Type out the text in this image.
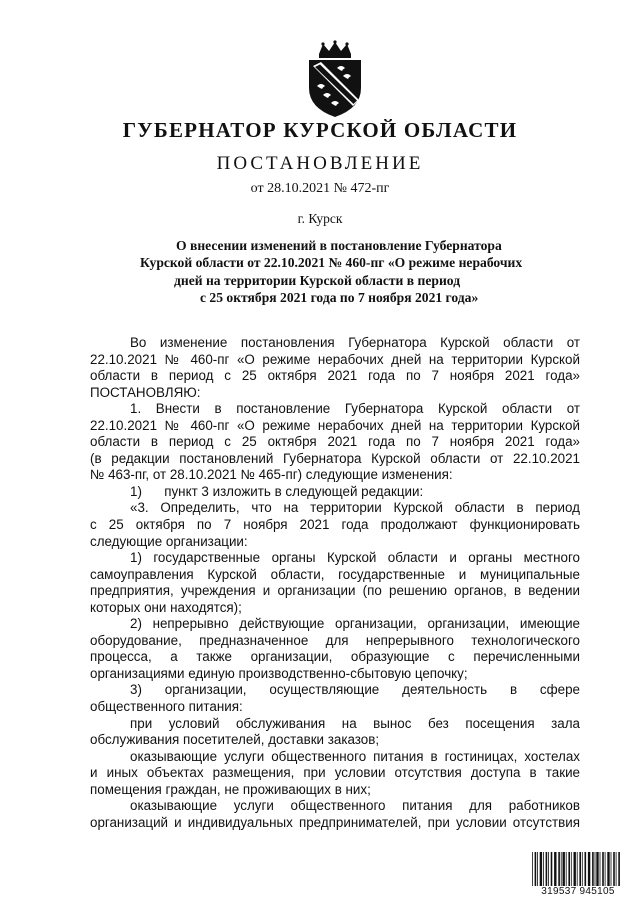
ГУБЕРНАТОР КУРСКОЙ ОБЛАСТИ
ПОСТАНОВЛЕНИЕ
от 28.10.2021 № 472-пг
г. Курск
О внесении изменений в постановление Губернатора
Курской области от 22.10.2021 № 460-пг «О режиме нерабочих
дней на территории Курской области в период
с 25 октября 2021 года по 7 ноября 2021 года»
Во изменение постановления Губернатора Курской области от
22.10.2021 № 460-пг «О режиме нерабочих дней на территории Курской
области в период с 25 октября 2021 года по 7 ноября 2021 года»
ПОСТАНОВЛЯЮ:
1. Внести в постановление Губернатора Курской области от
22.10.2021 № 460-пг «О режиме нерабочих дней на территории Курской
области в период с 25 октября 2021 года по 7 ноября 2021 года»
(в редакции постановлений Губернатора Курской области от 22.10.2021
№ 463-пг, от 28.10.2021 № 465-пг) следующие изменения:
1)      пункт 3 изложить в следующей редакции:
«3. Определить, что на территории Курской области в период
с 25 октября по 7 ноября 2021 года продолжают функционировать
следующие организации:
1) государственные органы Курской области и органы местного
самоуправления Курской области, государственные и муниципальные
предприятия, учреждения и организации (по решению органов, в ведении
которых они находятся);
2) непрерывно действующие организации, организации, имеющие
оборудование, предназначенное для непрерывного технологического
процесса, а также организации, образующие с перечисленными
организациями единую производственно-сбытовую цепочку;
3) организации, осуществляющие деятельность в сфере
общественного питания:
при условий обслуживания на вынос без посещения зала
обслуживания посетителей, доставки заказов;
оказывающие услуги общественного питания в гостиницах, хостелах
и иных объектах размещения, при условии отсутствия доступа в такие
помещения граждан, не проживающих в них;
оказывающие услуги общественного питания для работников
организаций и индивидуальных предпринимателей, при условии отсутствия
319537 945105
